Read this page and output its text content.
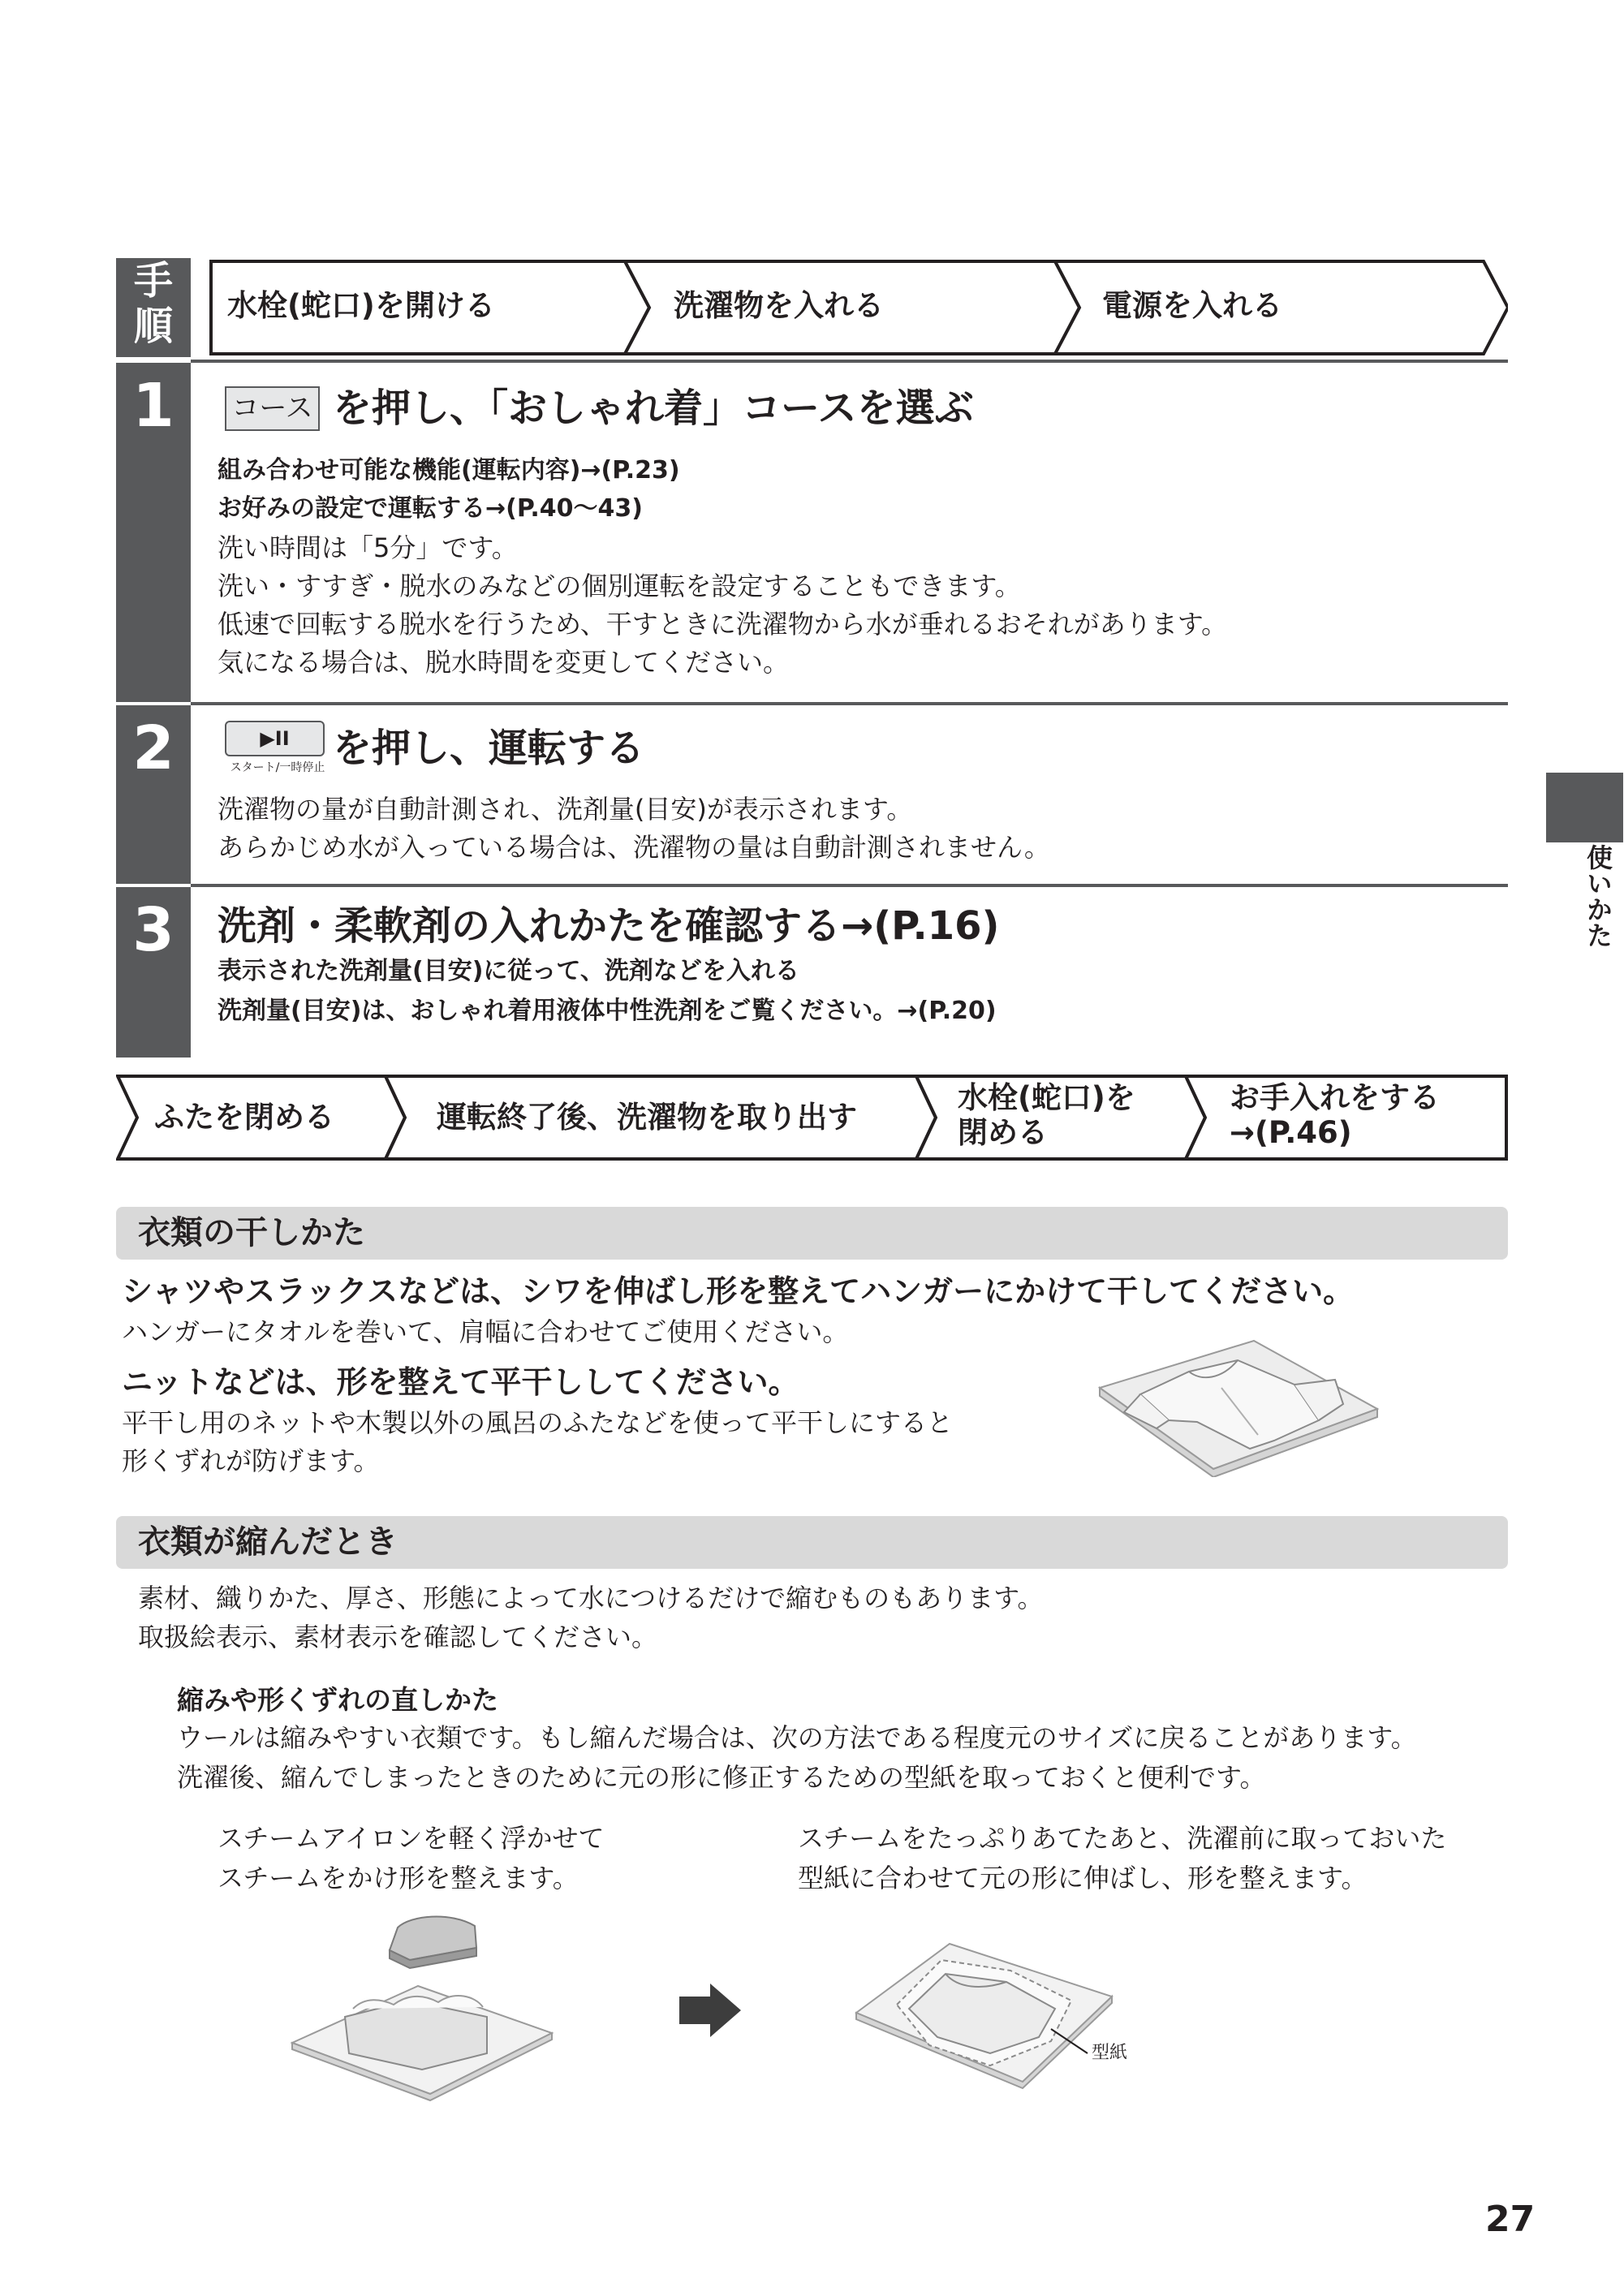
手順	水栓(蛇口)を開ける	洗濯物を入れる	電源を入れる
1	コース を押し、「おしゃれ着」コースを選ぶ
組み合わせ可能な機能(運転内容)→(P.23)
お好みの設定で運転する→(P.40〜43)
洗い時間は「5分」です。
洗い・すすぎ・脱水のみなどの個別運転を設定することもできます。
低速で回転する脱水を行うため、干すときに洗濯物から水が垂れるおそれがあります。
気になる場合は、脱水時間を変更してください。
2	▶II
スタート/一時停止 を押し、運転する
洗濯物の量が自動計測され、洗剤量(目安)が表示されます。
あらかじめ水が入っている場合は、洗濯物の量は自動計測されません。
3	洗剤・柔軟剤の入れかたを確認する→(P.16)
表示された洗剤量(目安)に従って、洗剤などを入れる
洗剤量(目安)は、おしゃれ着用液体中性洗剤をご覧ください。→(P.20)
ふたを閉める	運転終了後、洗濯物を取り出す
水栓(蛇口)を
閉める
お手入れをする
→(P.46)
衣類の干しかた
シャツやスラックスなどは、シワを伸ばし形を整えてハンガーにかけて干してください。
ハンガーにタオルを巻いて、肩幅に合わせてご使用ください。
ニットなどは、形を整えて平干ししてください。
平干し用のネットや木製以外の風呂のふたなどを使って平干しにすると
形くずれが防げます。
衣類が縮んだとき
素材、織りかた、厚さ、形態によって水につけるだけで縮むものもあります。
取扱絵表示、素材表示を確認してください。
縮みや形くずれの直しかた
ウールは縮みやすい衣類です。もし縮んだ場合は、次の方法である程度元のサイズに戻ることがあります。
洗濯後、縮んでしまったときのために元の形に修正するための型紙を取っておくと便利です。
スチームアイロンを軽く浮かせて
スチームをかけ形を整えます。
スチームをたっぷりあてたあと、洗濯前に取っておいた
型紙に合わせて元の形に伸ばし、形を整えます。
型紙
使いかた
27
